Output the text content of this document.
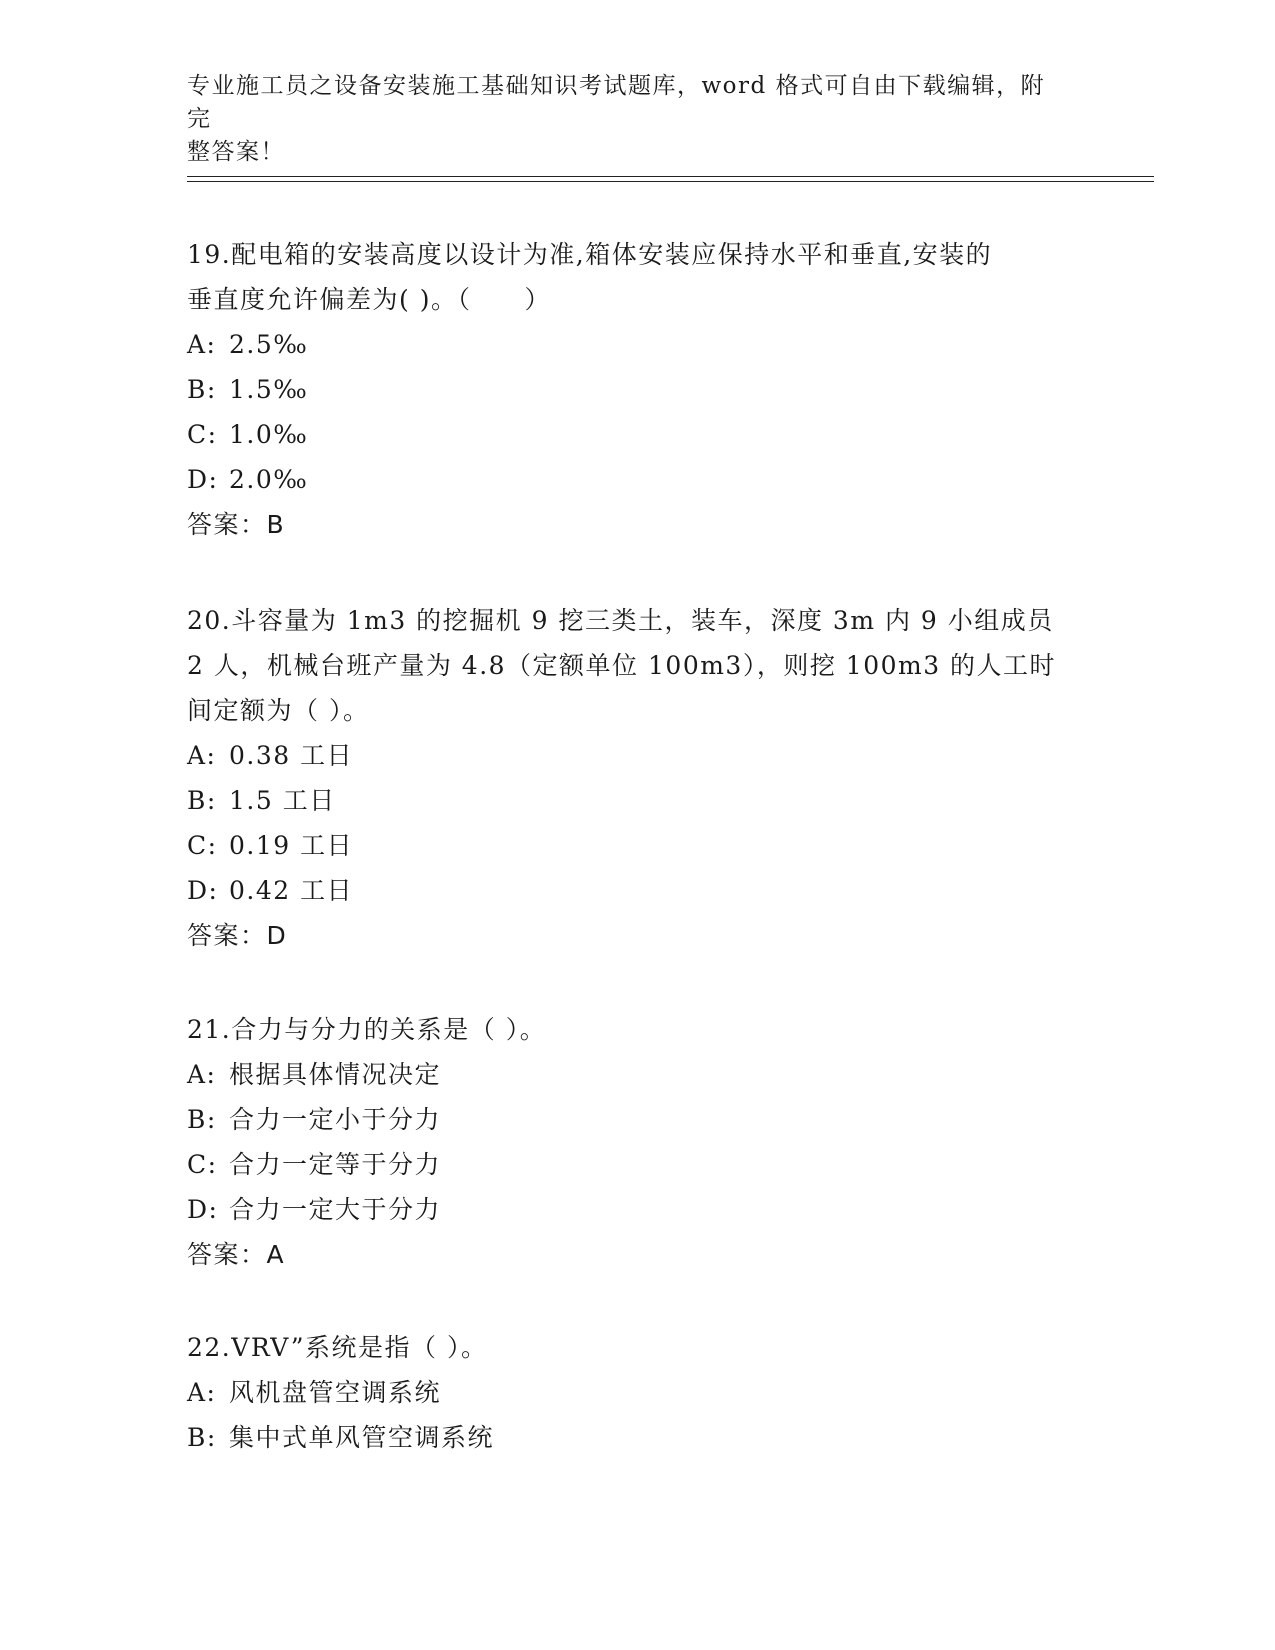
专业施工员之设备安装施工基础知识考试题库，word 格式可自由下载编辑，附完
整答案！
19.配电箱的安装高度以设计为准,箱体安装应保持水平和垂直,安装的
垂直度允许偏差为( )。（　　）
A: 2.5‰
B: 1.5‰
C: 1.0‰
D: 2.0‰
答案：B
20.斗容量为 1m3 的挖掘机 9 挖三类土，装车，深度 3m 内 9 小组成员
2 人，机械台班产量为 4.8（定额单位 100m3），则挖 100m3 的人工时
间定额为（ ）。
A: 0.38 工日
B: 1.5 工日
C: 0.19 工日
D: 0.42 工日
答案：D
21.合力与分力的关系是（ ）。
A: 根据具体情况决定
B: 合力一定小于分力
C: 合力一定等于分力
D: 合力一定大于分力
答案：A
22.VRV”系统是指（ ）。
A: 风机盘管空调系统
B: 集中式单风管空调系统
